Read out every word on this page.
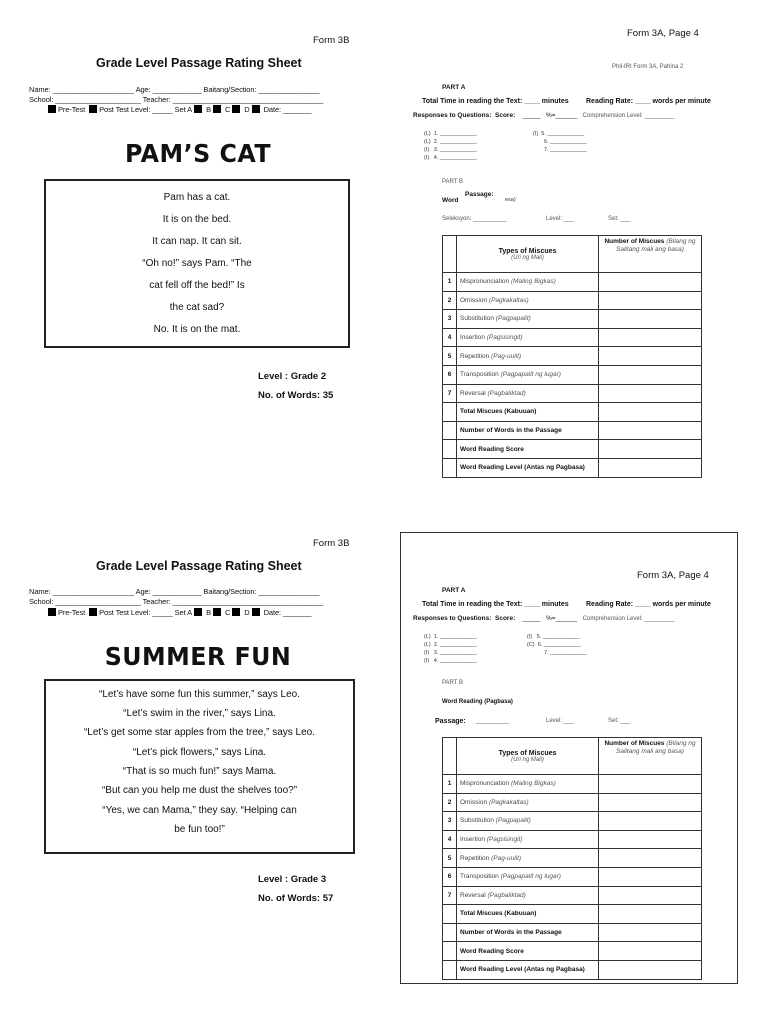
Form 3B
Grade Level Passage Rating Sheet
Name: ____________________ Age: ____________ Baitang/Section: _______________
School: _____________________ Teacher: _____________________________________
Pre-Test Post Test Level: _____ Set A B C D Date: _______
PAM’S CAT
Pam has a cat.
It is on the bed.
It can nap. It can sit.
“Oh no!” says Pam. “The
cat fell off the bed!” Is
the cat sad?
No. It is on the mat.
Level : Grade 2
No. of Words: 35
Form 3B
Grade Level Passage Rating Sheet
Name: ____________________ Age: ____________ Baitang/Section: _______________
School: _____________________ Teacher: _____________________________________
Pre-Test Post Test Level: _____ Set A B C D Date: _______
SUMMER FUN
“Let’s have some fun this summer,” says Leo.
“Let’s swim in the river,” says Lina.
“Let’s get some star apples from the tree,” says Leo.
“Let’s pick flowers,” says Lina.
“That is so much fun!” says Mama.
“But can you help me dust the shelves too?”
“Yes, we can Mama,” they say. “Helping can
be fun too!”
Level : Grade 3
No. of Words: 57
Form 3A, Page 4
Phil-IRI Form 3A, Pahina 2
PART A
Total Time in reading the Text: ____ minutes Reading Rate: ____ words per minute
Responses to Questions: Score: _____ %=______ Comprehension Level: _________
(L) 1. ____________
(L) 2. ____________
(I) 3. ____________
(I) 4. ____________
(I) 5. ____________
6. ____________
7. ____________
PART B
Word
Passage:
esa)
Seleksyon: __________	Level: ___	Set: ___

	Types of Miscues
(Uri ng Mali)	Number of Miscues (Bilang ng Salitang mali ang basa)
1	Mispronunciation (Maling Bigkas)	
2	Omission (Pagkakaltas)	
3	Substitution (Pagpapalit)	
4	Insertion (Pagsisingit)	
5	Repetition (Pag-uulit)	
6	Transposition (Pagpapalit ng lugar)	
7	Reversal (Pagbaliktad)	
	Total Miscues (Kabuuan)	
	Number of Words in the Passage	
	Word Reading Score	
	Word Reading Level (Antas ng Pagbasa)	
Form 3A, Page 4
PART A
Total Time in reading the Text: ____ minutes Reading Rate: ____ words per minute
Responses to Questions: Score: _____ %=______ Comprehension Level: _________
(L) 1. ____________
(L) 2. ____________
(I) 3. ____________
(I) 4. ____________
(I) 5. ____________
(C) 6. ____________
7. ____________
PART B
Word Reading (Pagbasa)
Passage: __________	Level: ___	Set: ___

	Types of Miscues
(Uri ng Mali)	Number of Miscues (Bilang ng Salitang mali ang basa)
1	Mispronunciation (Maling Bigkas)	
2	Omission (Pagkakaltas)	
3	Substitution (Pagpapalit)	
4	Insertion (Pagsisingit)	
5	Repetition (Pag-uulit)	
6	Transposition (Pagpapalit ng lugar)	
7	Reversal (Pagbaliktad)	
	Total Miscues (Kabuuan)	
	Number of Words in the Passage	
	Word Reading Score	
	Word Reading Level (Antas ng Pagbasa)	
